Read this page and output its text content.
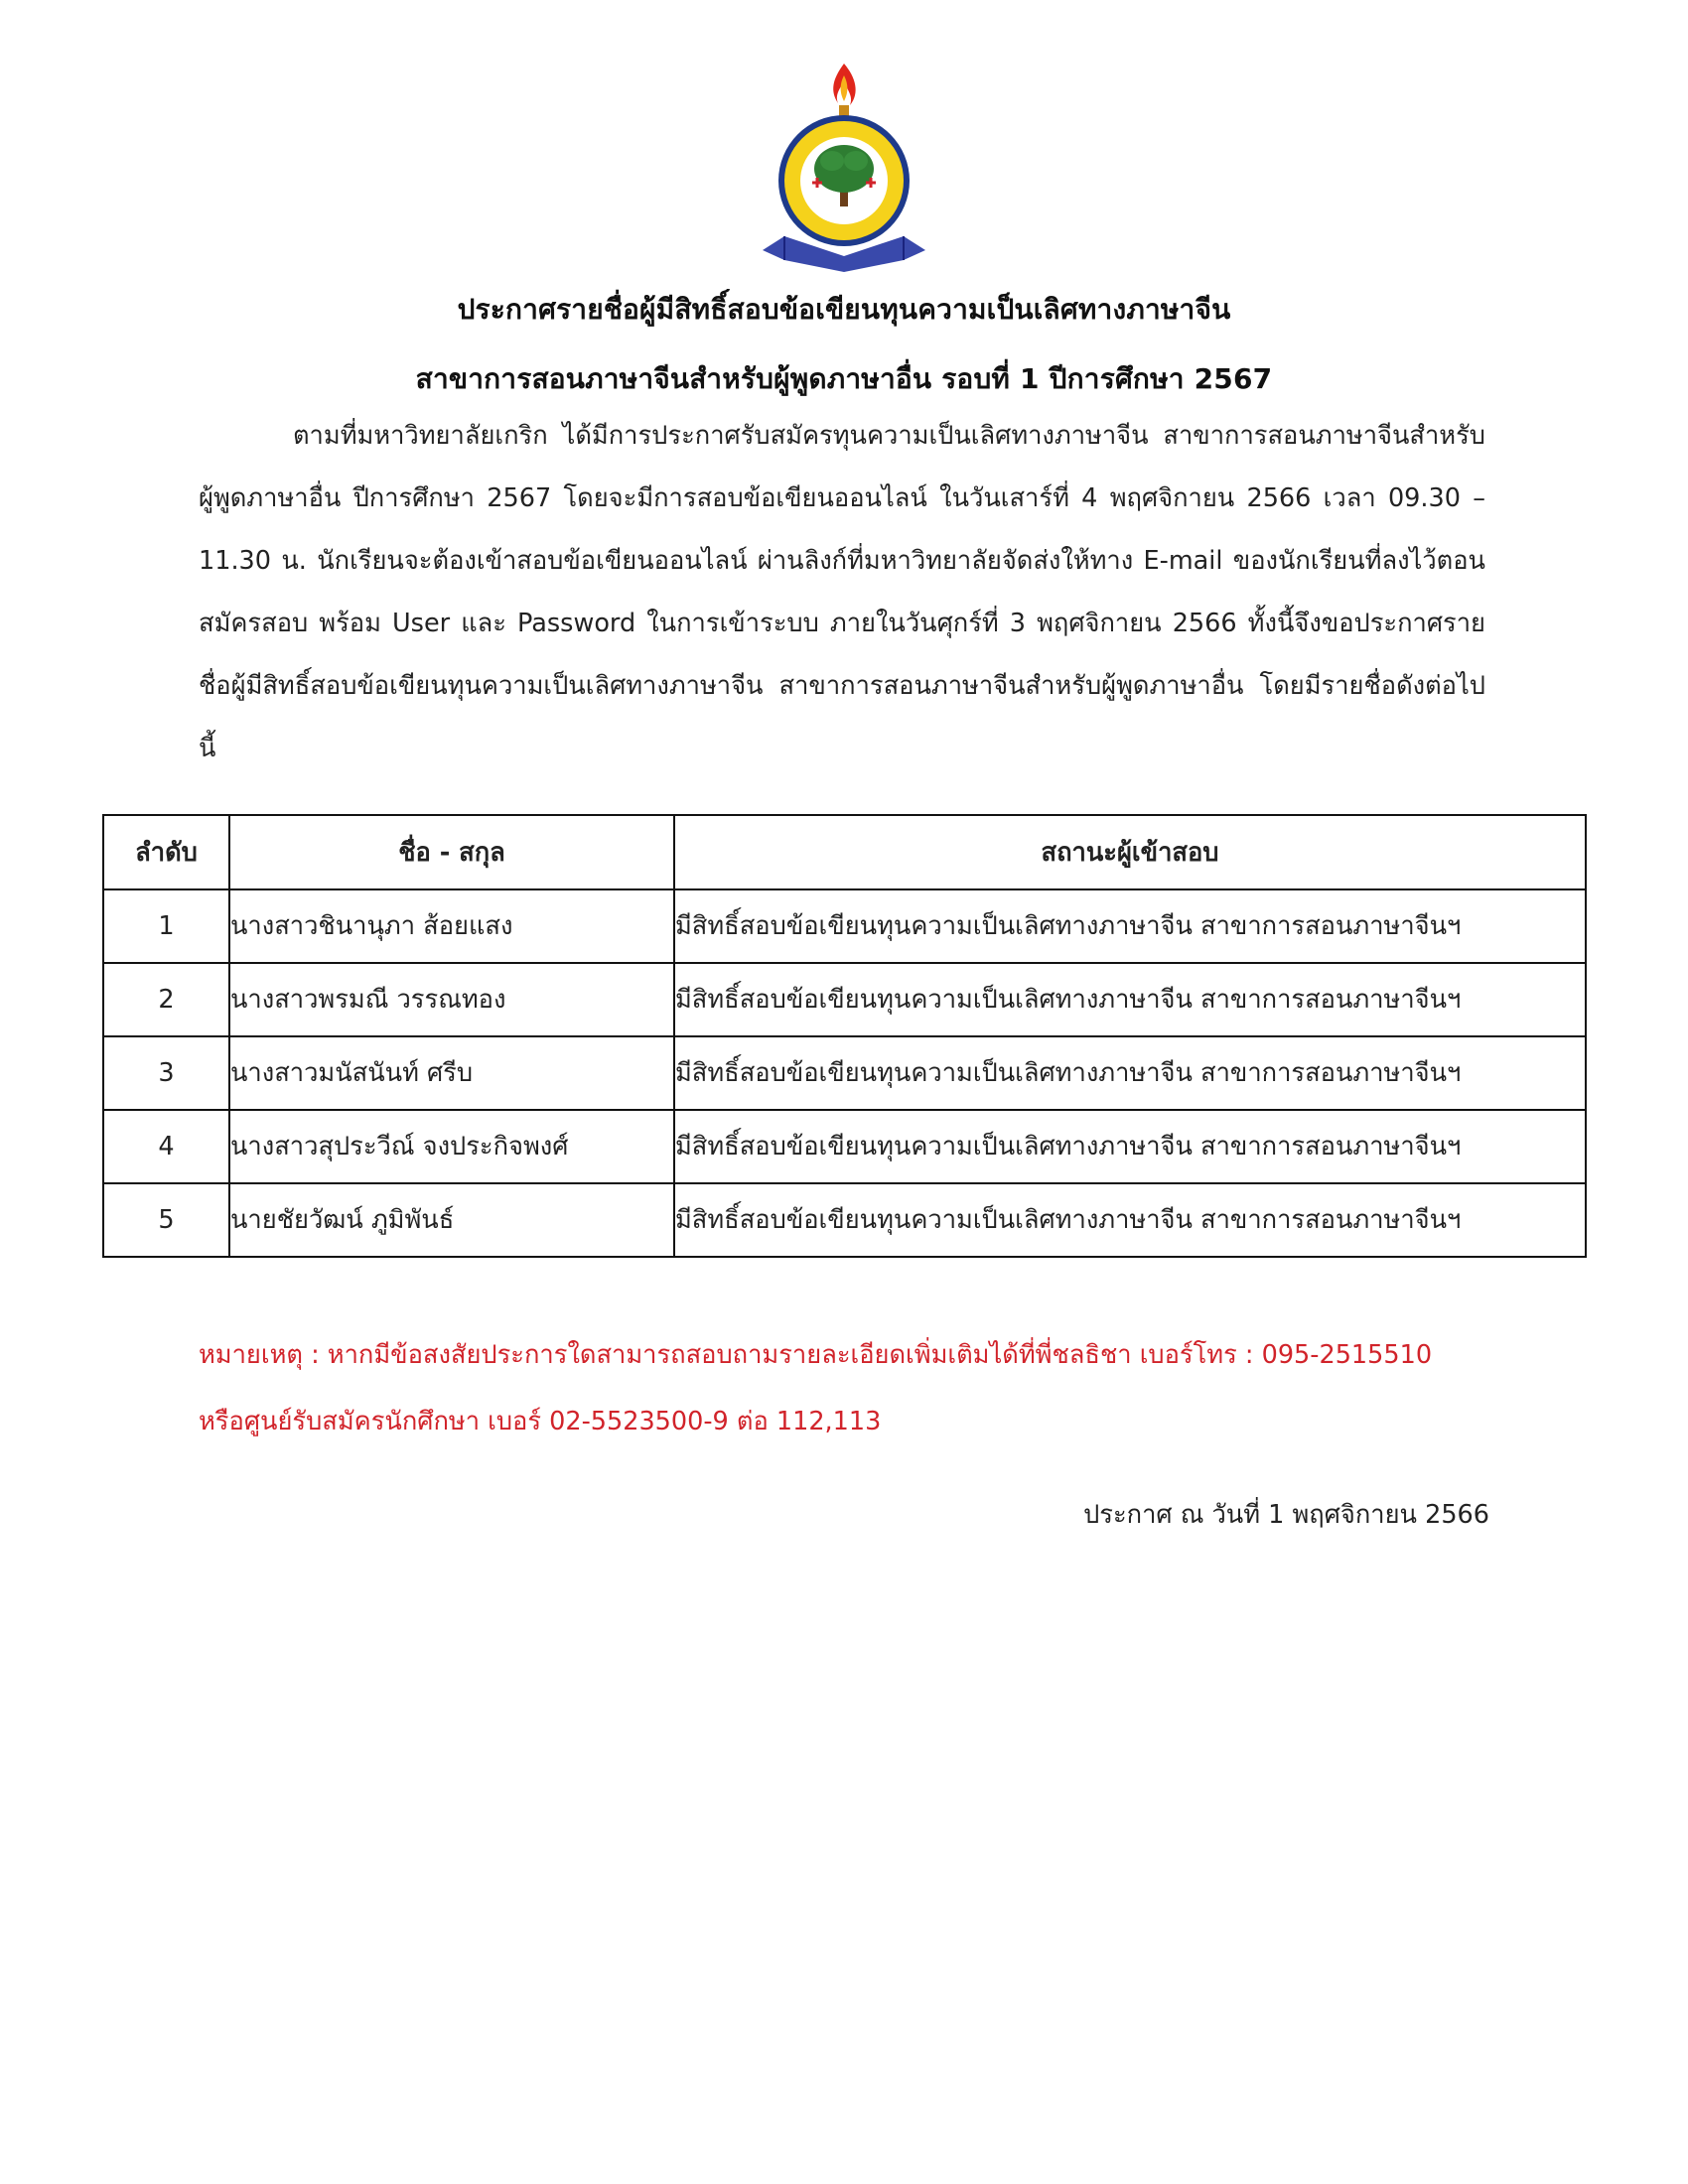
ประกาศรายชื่อผู้มีสิทธิ์สอบข้อเขียนทุนความเป็นเลิศทางภาษาจีน
สาขาการสอนภาษาจีนสำหรับผู้พูดภาษาอื่น รอบที่ 1 ปีการศึกษา 2567
ตามที่มหาวิทยาลัยเกริก ได้มีการประกาศรับสมัครทุนความเป็นเลิศทางภาษาจีน สาขาการสอนภาษาจีนสำหรับผู้พูดภาษาอื่น ปีการศึกษา 2567 โดยจะมีการสอบข้อเขียนออนไลน์ ในวันเสาร์ที่ 4 พฤศจิกายน 2566 เวลา 09.30 – 11.30 น. นักเรียนจะต้องเข้าสอบข้อเขียนออนไลน์ ผ่านลิงก์ที่มหาวิทยาลัยจัดส่งให้ทาง E-mail ของนักเรียนที่ลงไว้ตอนสมัครสอบ พร้อม User และ Password ในการเข้าระบบ ภายในวันศุกร์ที่ 3 พฤศจิกายน 2566 ทั้งนี้จึงขอประกาศรายชื่อผู้มีสิทธิ์สอบข้อเขียนทุนความเป็นเลิศทางภาษาจีน สาขาการสอนภาษาจีนสำหรับผู้พูดภาษาอื่น โดยมีรายชื่อดังต่อไปนี้
ลำดับ	ชื่อ - สกุล	สถานะผู้เข้าสอบ
1	นางสาวชินานุภา ส้อยแสง	มีสิทธิ์สอบข้อเขียนทุนความเป็นเลิศทางภาษาจีน สาขาการสอนภาษาจีนฯ
2	นางสาวพรมณี วรรณทอง	มีสิทธิ์สอบข้อเขียนทุนความเป็นเลิศทางภาษาจีน สาขาการสอนภาษาจีนฯ
3	นางสาวมนัสนันท์ ศรีบ	มีสิทธิ์สอบข้อเขียนทุนความเป็นเลิศทางภาษาจีน สาขาการสอนภาษาจีนฯ
4	นางสาวสุประวีณ์ จงประกิจพงศ์	มีสิทธิ์สอบข้อเขียนทุนความเป็นเลิศทางภาษาจีน สาขาการสอนภาษาจีนฯ
5	นายชัยวัฒน์ ภูมิพันธ์	มีสิทธิ์สอบข้อเขียนทุนความเป็นเลิศทางภาษาจีน สาขาการสอนภาษาจีนฯ
หมายเหตุ : หากมีข้อสงสัยประการใดสามารถสอบถามรายละเอียดเพิ่มเติมได้ที่พี่ชลธิชา เบอร์โทร : 095-2515510
หรือศูนย์รับสมัครนักศึกษา เบอร์ 02-5523500-9 ต่อ 112,113
ประกาศ ณ วันที่ 1 พฤศจิกายน 2566
